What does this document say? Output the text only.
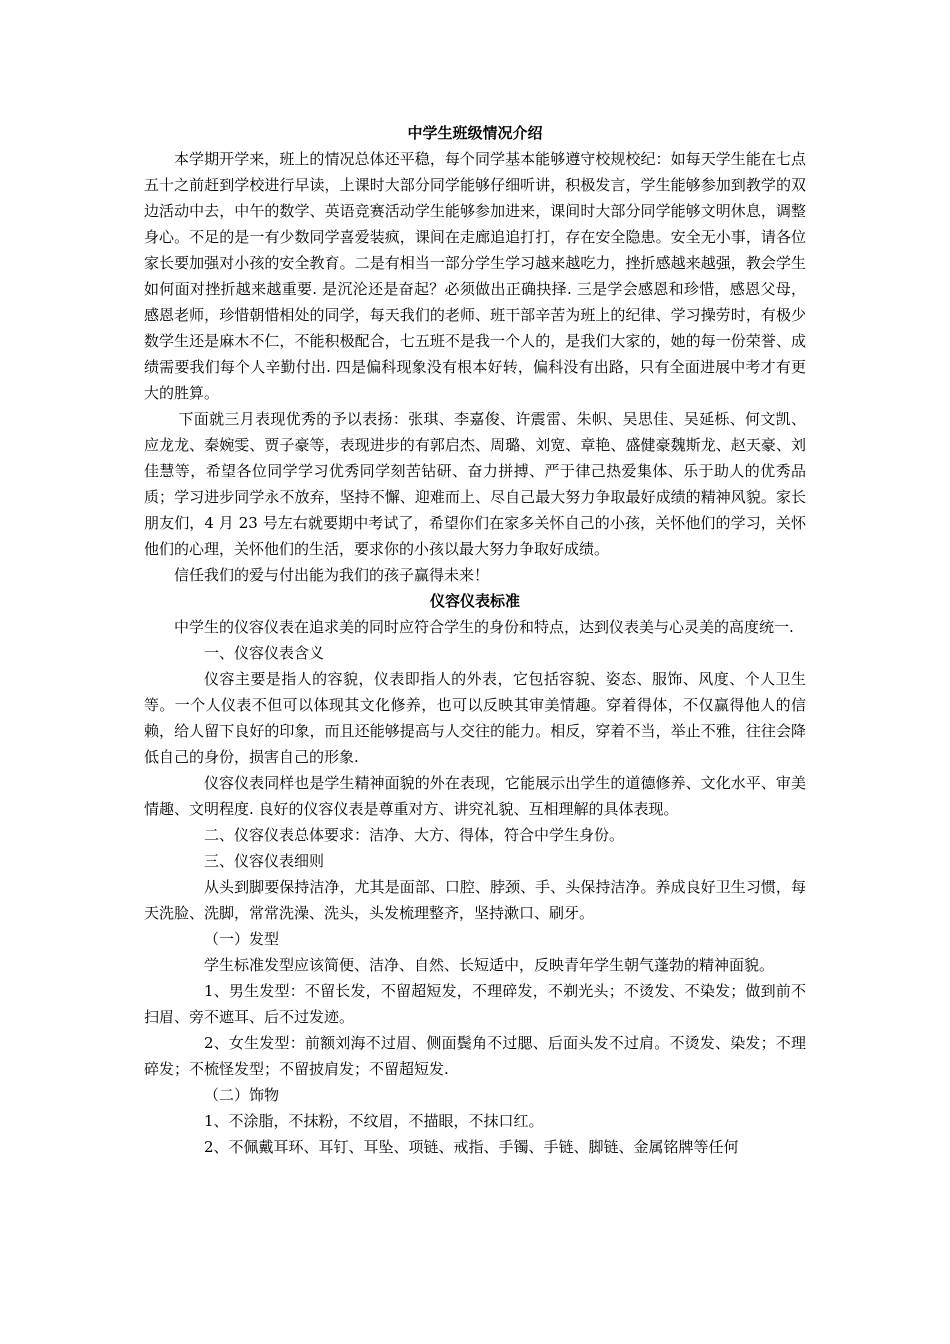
中学生班级情况介绍

本学期开学来，班上的情况总体还平稳，每个同学基本能够遵守校规校纪：如每天学生能在七点五十之前赶到学校进行早读，上课时大部分同学能够仔细听讲，积极发言，学生能够参加到教学的双边活动中去，中午的数学、英语竞赛活动学生能够参加进来，课间时大部分同学能够文明休息，调整身心。不足的是一有少数同学喜爱装疯，课间在走廊追追打打，存在安全隐患。安全无小事，请各位家长要加强对小孩的安全教育。二是有相当一部分学生学习越来越吃力，挫折感越来越强，教会学生如何面对挫折越来越重要. 是沉沦还是奋起？必须做出正确抉择. 三是学会感恩和珍惜，感恩父母，感恩老师，珍惜朝惜相处的同学，每天我们的老师、班干部辛苦为班上的纪律、学习操劳时，有极少数学生还是麻木不仁，不能积极配合，七五班不是我一个人的，是我们大家的，她的每一份荣誉、成绩需要我们每个人辛勤付出. 四是偏科现象没有根本好转，偏科没有出路，只有全面进展中考才有更大的胜算。

下面就三月表现优秀的予以表扬：张琪、李嘉俊、许震雷、朱帜、吴思佳、吴延栎、何文凯、应龙龙、秦婉雯、贾子豪等，表现进步的有郭启杰、周璐、刘宽、章艳、盛健豪魏斯龙、赵天豪、刘佳慧等，希望各位同学学习优秀同学刻苦钻研、奋力拼搏、严于律己热爱集体、乐于助人的优秀品质；学习进步同学永不放弃，坚持不懈、迎难而上、尽自己最大努力争取最好成绩的精神风貌。家长朋友们，4 月 23 号左右就要期中考试了，希望你们在家多关怀自己的小孩，关怀他们的学习，关怀他们的心理，关怀他们的生活，要求你的小孩以最大努力争取好成绩。

信任我们的爱与付出能为我们的孩子赢得未来！

仪容仪表标准

中学生的仪容仪表在追求美的同时应符合学生的身份和特点，达到仪表美与心灵美的高度统一.

一、仪容仪表含义

仪容主要是指人的容貌，仪表即指人的外表，它包括容貌、姿态、服饰、风度、个人卫生等。一个人仪表不但可以体现其文化修养，也可以反映其审美情趣。穿着得体，不仅赢得他人的信赖，给人留下良好的印象，而且还能够提高与人交往的能力。相反，穿着不当，举止不雅，往往会降低自己的身份，损害自己的形象.

仪容仪表同样也是学生精神面貌的外在表现，它能展示出学生的道德修养、文化水平、审美情趣、文明程度. 良好的仪容仪表是尊重对方、讲究礼貌、互相理解的具体表现。

二、仪容仪表总体要求：洁净、大方、得体，符合中学生身份。

三、仪容仪表细则

从头到脚要保持洁净，尤其是面部、口腔、脖颈、手、头保持洁净。养成良好卫生习惯，每天洗脸、洗脚，常常洗澡、洗头，头发梳理整齐，坚持漱口、刷牙。

（一）发型

学生标准发型应该简便、洁净、自然、长短适中，反映青年学生朝气蓬勃的精神面貌。

1、男生发型：不留长发，不留超短发，不理碎发，不剃光头；不烫发、不染发；做到前不扫眉、旁不遮耳、后不过发迹。

2、女生发型：前额刘海不过眉、侧面鬓角不过腮、后面头发不过肩。不烫发、染发；不理碎发；不梳怪发型；不留披肩发；不留超短发.

（二）饰物

1、不涂脂，不抹粉，不纹眉，不描眼，不抹口红。

2、不佩戴耳环、耳钉、耳坠、项链、戒指、手镯、手链、脚链、金属铭牌等任何
